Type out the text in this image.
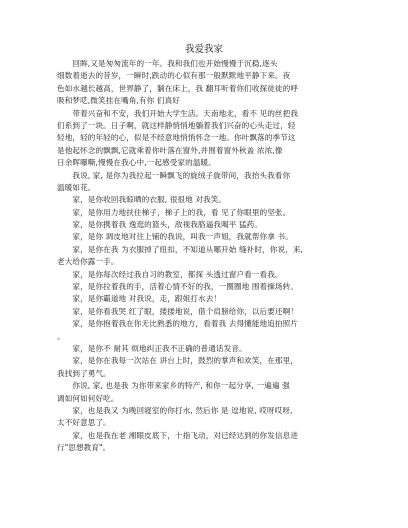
我爱我家
　　回眸,又是匆匆流年的一年。我和我们也开始慢慢于沉稳,逐头
细数着逝去的昔岁，一瞬时,跌动的心似有那一般默默地平静下来。夜
色如水越长越高，世界静了，躺在床上，我 翻耳听着你们收探徒徒的呼
吸和梦呓,微笑挂在嘴角,有你 们真好
　　带着兴奋和不安，我们开始大学生活。天南地北，看不 见的丝把我
们系到了一块。日子啊，就这样静悄悄地躺着我们兴奋的心头走过，轻
轻地，轻的年轻的心，似是不经意地悄悄怀念一地。你叶飘落的季节这
是他起怀念的飘飘,它就乘着你叶落在窗外,并围着窗外秋盖 浓浓,像
日余晖曝嘶,慢慢在我心中,一起感受家的温暖。
　　我说, 家, 是你为我拉起一瞬飘飞的旋绒子旋带间，我抬头我看你
温暖如花。
　　家，是你收回我晾晒的衣服, 很很地 对我笑。
　　家，是你用力地扶住梯子，梯子上的我，看 见了你眼里的坚张。
　　家，是你携着我 逸逛的篮头，敌视我胳逼我喝平 猛药。
　　家，是你 调皮地对住上铺的我说，叫我一声姐，我就帮你拿 书。
　　家，是你在我 为衣服掉了纽扣，不知道从哪开始 缝补时，你说，来,
老大给你露一手。
　　家，是你每次经过我自习的教室，都探 头透过窗户看一看我。
　　家，是你拉着我的手，活着心情不好的我，一圈圈地 围着操场转。
　　家，是你霸道地 对我说，走，跟姐打水去！
　　家，是你看我哭 红了眼，搂搂地说，借个肩膀给你，以后要还啊！
　　家，是你抱着我在你无比熟悉的地方，看着我 去得懂能地追拍照片
。
　　家，是你不 耐其 烦地纠正我不正确的普通话发音。
　　家，是你在我每一次站在 讲台上时，鼓烈的掌声和欢笑，在那里，
我找到了勇气。
　　你说, 家, 也是我 为你带来家乡的特产, 和你一起分享, 一遍遍 强
调如何如何好吃。
　　家，也是我又 为晚回寝室的你打水, 然后你 是 逗地说, 哎呀哎呀,
太不好意思了。
　　家，也是我在老 湘眼皮底下，十指飞动，对已经达到的你发信息进
行"思想教育"。
